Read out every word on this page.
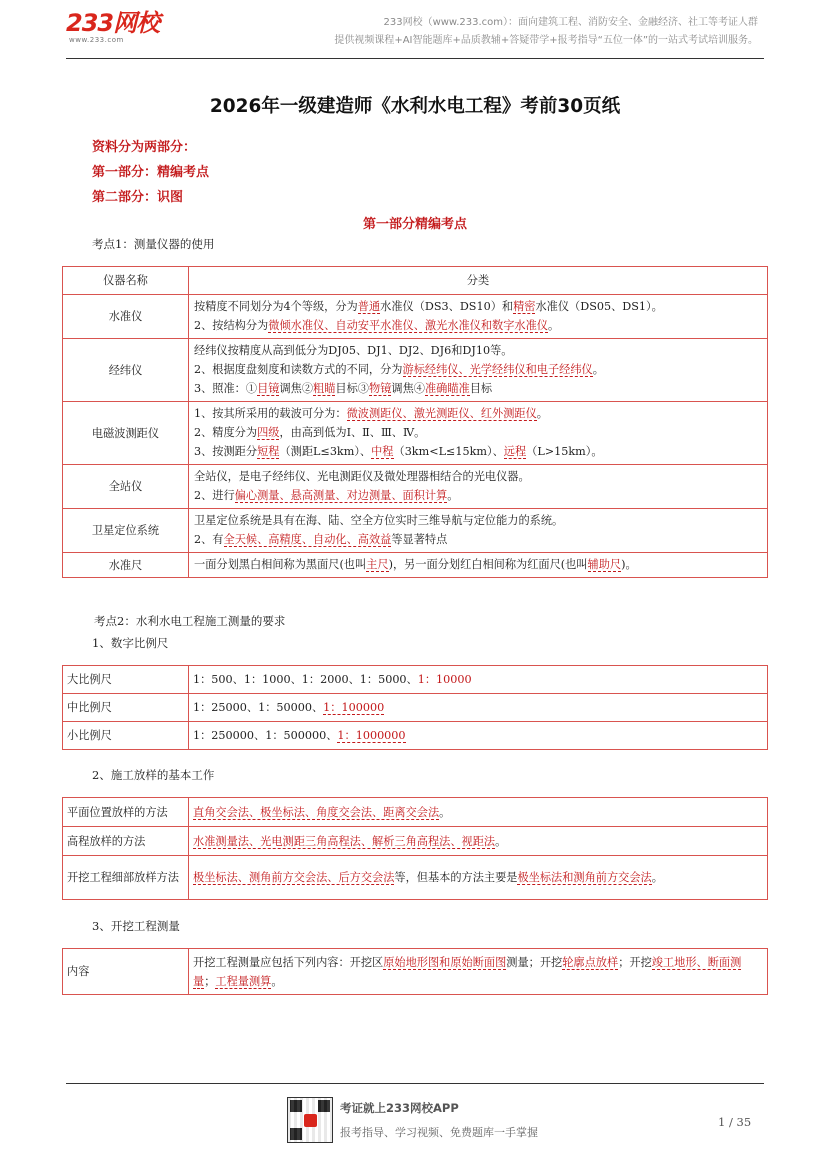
233网校
www.233.com
233网校（www.233.com）：面向建筑工程、消防安全、金融经济、社工等考证人群
提供视频课程+AI智能题库+品质教辅+答疑带学+报考指导“五位一体”的一站式考试培训服务。
2026年一级建造师《水利水电工程》考前30页纸
资料分为两部分：
第一部分：精编考点
第二部分：识图
第一部分精编考点
考点1：测量仪器的使用
仪器名称	分类
水准仪	按精度不同划分为4个等级，分为普通水准仪（DS3、DS10）和精密水准仪（DS05、DS1）。
2、按结构分为微倾水准仪、自动安平水准仪、激光水准仪和数字水准仪。

经纬仪	经纬仪按精度从高到低分为DJ05、DJ1、DJ2、DJ6和DJ10等。
2、根据度盘刻度和读数方式的不同，分为游标经纬仪、光学经纬仪和电子经纬仪。
3、照准：①目镜调焦②粗瞄目标③物镜调焦④准确瞄准目标

电磁波测距仪	1、按其所采用的载波可分为：微波测距仪、激光测距仪、红外测距仪。
2、精度分为四级，由高到低为Ⅰ、Ⅱ、Ⅲ、Ⅳ。
3、按测距分短程（测距L≤3km）、中程（3km<L≤15km）、远程（L>15km）。

全站仪	全站仪，是电子经纬仪、光电测距仪及微处理器相结合的光电仪器。
2、进行偏心测量、悬高测量、对边测量、面积计算。

卫星定位系统	卫星定位系统是具有在海、陆、空全方位实时三维导航与定位能力的系统。
2、有全天候、高精度、自动化、高效益等显著特点

水准尺	一面分划黑白相间称为黑面尺(也叫主尺)，另一面分划红白相间称为红面尺(也叫辅助尺)。
考点2：水利水电工程施工测量的要求
1、数字比例尺
大比例尺	1：500、1：1000、1：2000、1：5000、1：10000
中比例尺	1：25000、1：50000、1：100000
小比例尺	1：250000、1：500000、1：1000000
2、施工放样的基本工作
平面位置放样的方法	直角交会法、极坐标法、角度交会法、距离交会法。
高程放样的方法	水准测量法、光电测距三角高程法、解析三角高程法、视距法。
开挖工程细部放样方法	极坐标法、测角前方交会法、后方交会法等，但基本的方法主要是极坐标法和测角前方交会法。
3、开挖工程测量
内容	开挖工程测量应包括下列内容：开挖区原始地形图和原始断面图测量；开挖轮廓点放样；开挖竣工地形、断面测量；工程量测算。
考证就上233网校APP
报考指导、学习视频、免费题库一手掌握
1 / 35
